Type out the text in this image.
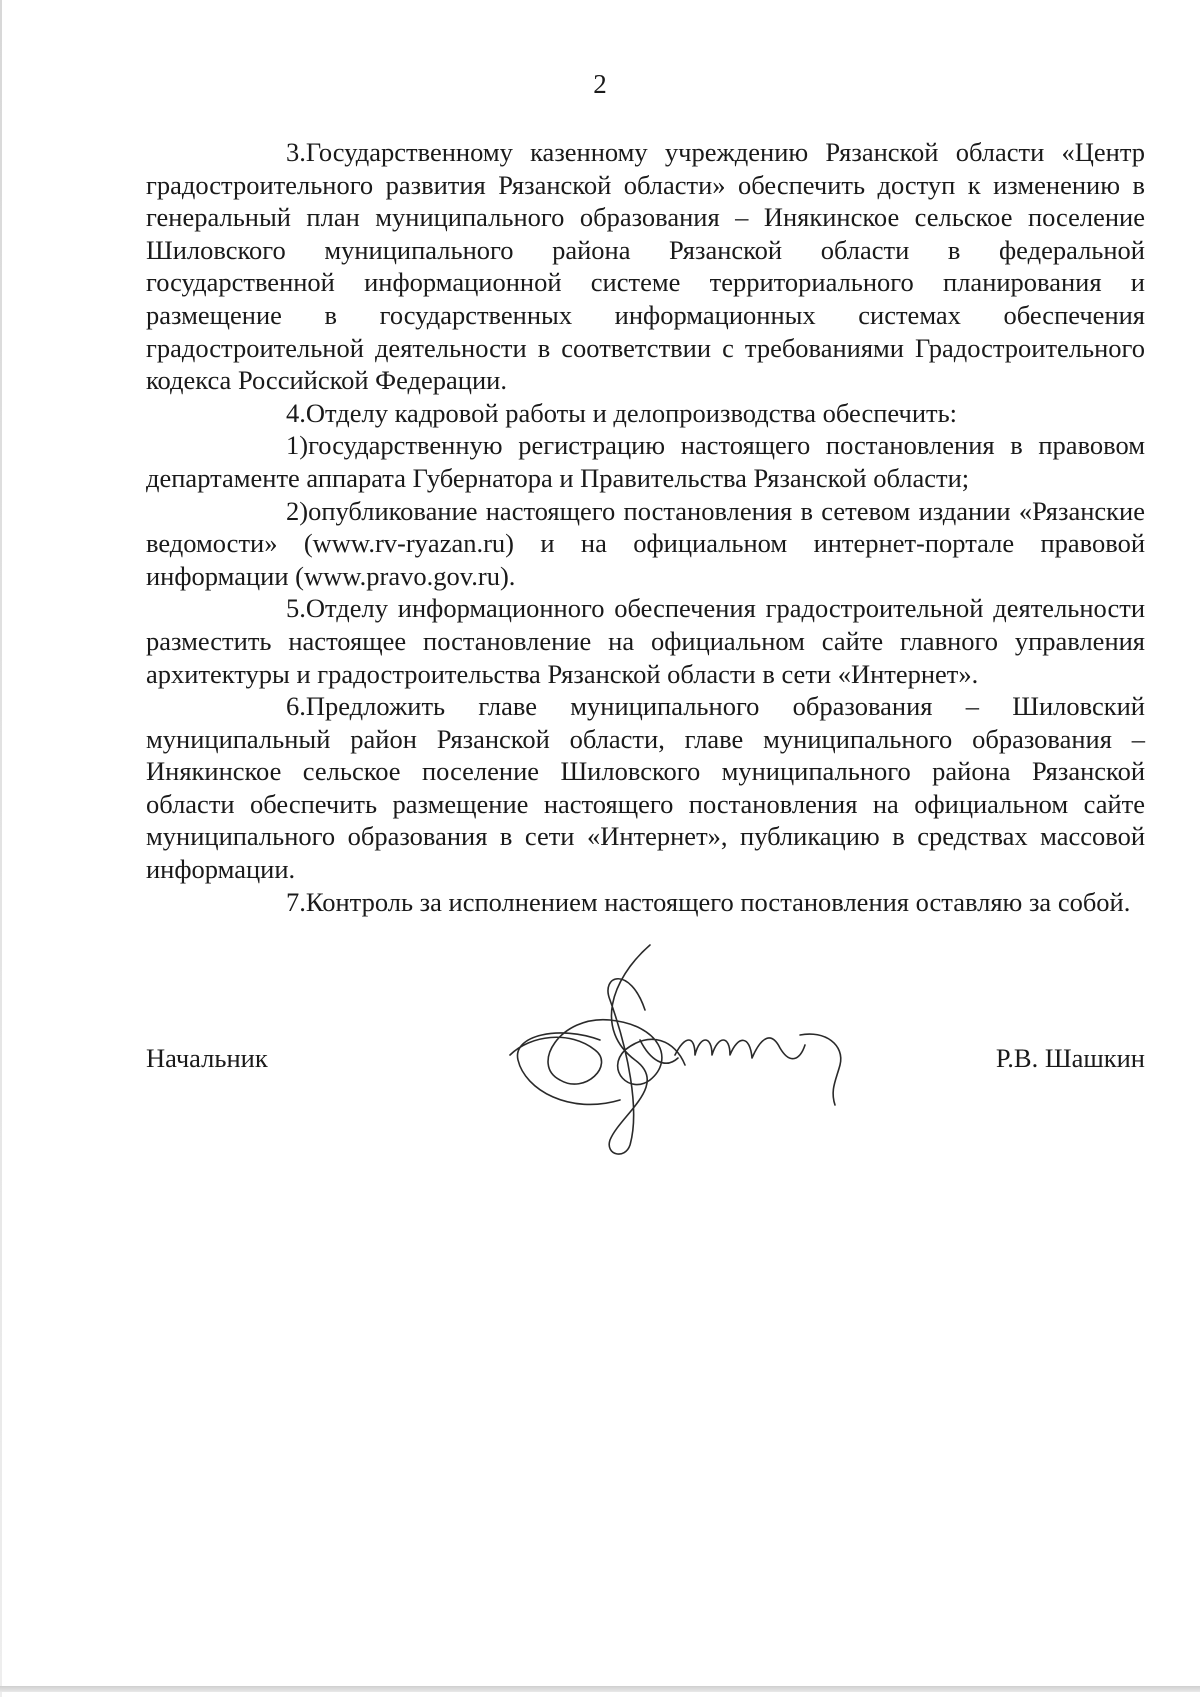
2

3.Государственному казенному учреждению Рязанской области «Центр градостроительного развития Рязанской области» обеспечить доступ к изменению в генеральный план муниципального образования – Инякинское сельское поселение Шиловского муниципального района Рязанской области в федеральной государственной информационной системе территориального планирования и размещение в государственных информационных системах обеспечения градостроительной деятельности в соответствии с требованиями Градостроительного кодекса Российской Федерации.

4.Отделу кадровой работы и делопроизводства обеспечить:

1)государственную регистрацию настоящего постановления в правовом департаменте аппарата Губернатора и Правительства Рязанской области;

2)опубликование настоящего постановления в сетевом издании «Рязанские ведомости» (www.rv-ryazan.ru) и на официальном интернет-портале правовой информации (www.pravo.gov.ru).

5.Отделу информационного обеспечения градостроительной деятельности разместить настоящее постановление на официальном сайте главного управления архитектуры и градостроительства Рязанской области в сети «Интернет».

6.Предложить главе муниципального образования – Шиловский муниципальный район Рязанской области, главе муниципального образования – Инякинское сельское поселение Шиловского муниципального района Рязанской области обеспечить размещение настоящего постановления на официальном сайте муниципального образования в сети «Интернет», публикацию в средствах массовой информации.

7.Контроль за исполнением настоящего постановления оставляю за собой.

Начальник	Р.В. Шашкин
